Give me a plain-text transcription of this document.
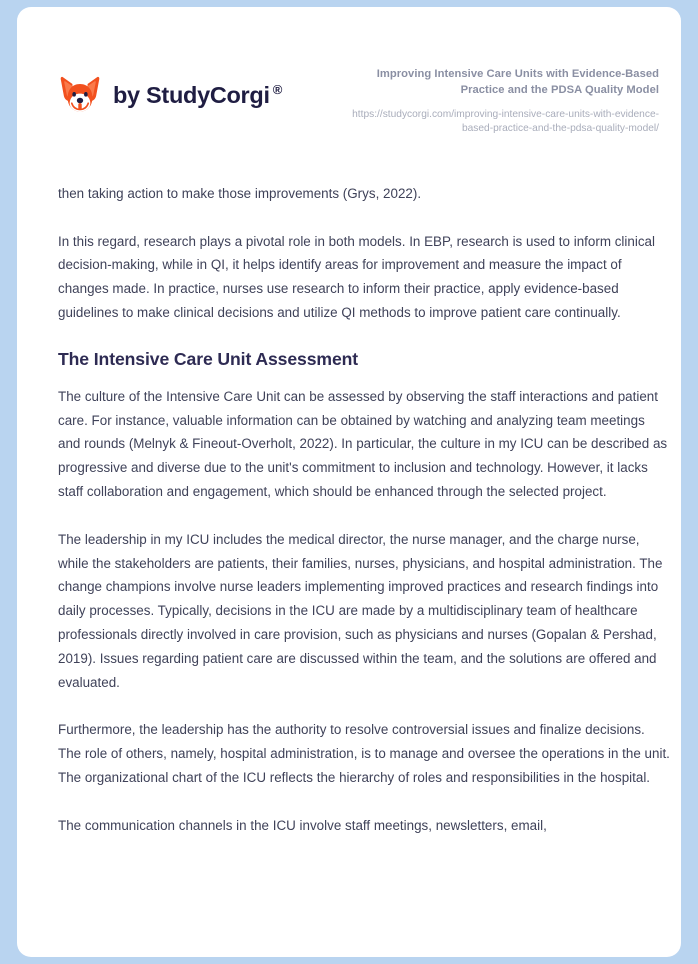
by StudyCorgi ®

Improving Intensive Care Units with Evidence-Based Practice and the PDSA Quality Model

https://studycorgi.com/improving-intensive-care-units-with-evidence-based-practice-and-the-pdsa-quality-model/

then taking action to make those improvements (Grys, 2022).

In this regard, research plays a pivotal role in both models. In EBP, research is used to inform clinical decision-making, while in QI, it helps identify areas for improvement and measure the impact of changes made. In practice, nurses use research to inform their practice, apply evidence-based guidelines to make clinical decisions and utilize QI methods to improve patient care continually.

The Intensive Care Unit Assessment

The culture of the Intensive Care Unit can be assessed by observing the staff interactions and patient care. For instance, valuable information can be obtained by watching and analyzing team meetings and rounds (Melnyk & Fineout-Overholt, 2022). In particular, the culture in my ICU can be described as progressive and diverse due to the unit's commitment to inclusion and technology. However, it lacks staff collaboration and engagement, which should be enhanced through the selected project.

The leadership in my ICU includes the medical director, the nurse manager, and the charge nurse, while the stakeholders are patients, their families, nurses, physicians, and hospital administration. The change champions involve nurse leaders implementing improved practices and research findings into daily processes. Typically, decisions in the ICU are made by a multidisciplinary team of healthcare professionals directly involved in care provision, such as physicians and nurses (Gopalan & Pershad, 2019). Issues regarding patient care are discussed within the team, and the solutions are offered and evaluated.

Furthermore, the leadership has the authority to resolve controversial issues and finalize decisions. The role of others, namely, hospital administration, is to manage and oversee the operations in the unit. The organizational chart of the ICU reflects the hierarchy of roles and responsibilities in the hospital.

The communication channels in the ICU involve staff meetings, newsletters, email,
